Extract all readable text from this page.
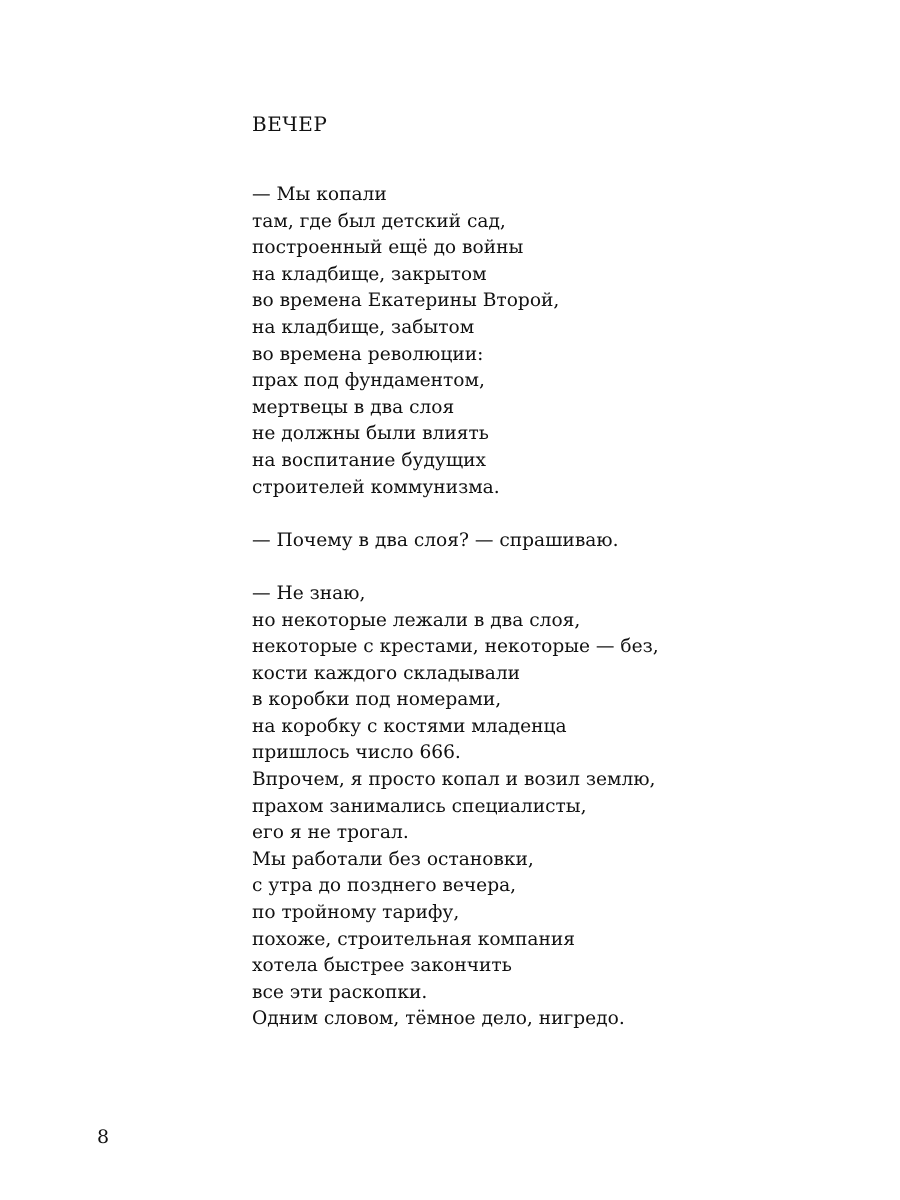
ВЕЧЕР
— Мы копали
там, где был детский сад,
построенный ещё до войны
на кладбище, закрытом
во времена Екатерины Второй,
на кладбище, забытом
во времена революции:
прах под фундаментом,
мертвецы в два слоя
не должны были влиять
на воспитание будущих
строителей коммунизма.
— Почему в два слоя? — спрашиваю.
— Не знаю,
но некоторые лежали в два слоя,
некоторые с крестами, некоторые — без,
кости каждого складывали
в коробки под номерами,
на коробку с костями младенца
пришлось число 666.
Впрочем, я просто копал и возил землю,
прахом занимались специалисты,
его я не трогал.
Мы работали без остановки,
с утра до позднего вечера,
по тройному тарифу,
похоже, строительная компания
хотела быстрее закончить
все эти раскопки.
Одним словом, тёмное дело, нигредо.
8
